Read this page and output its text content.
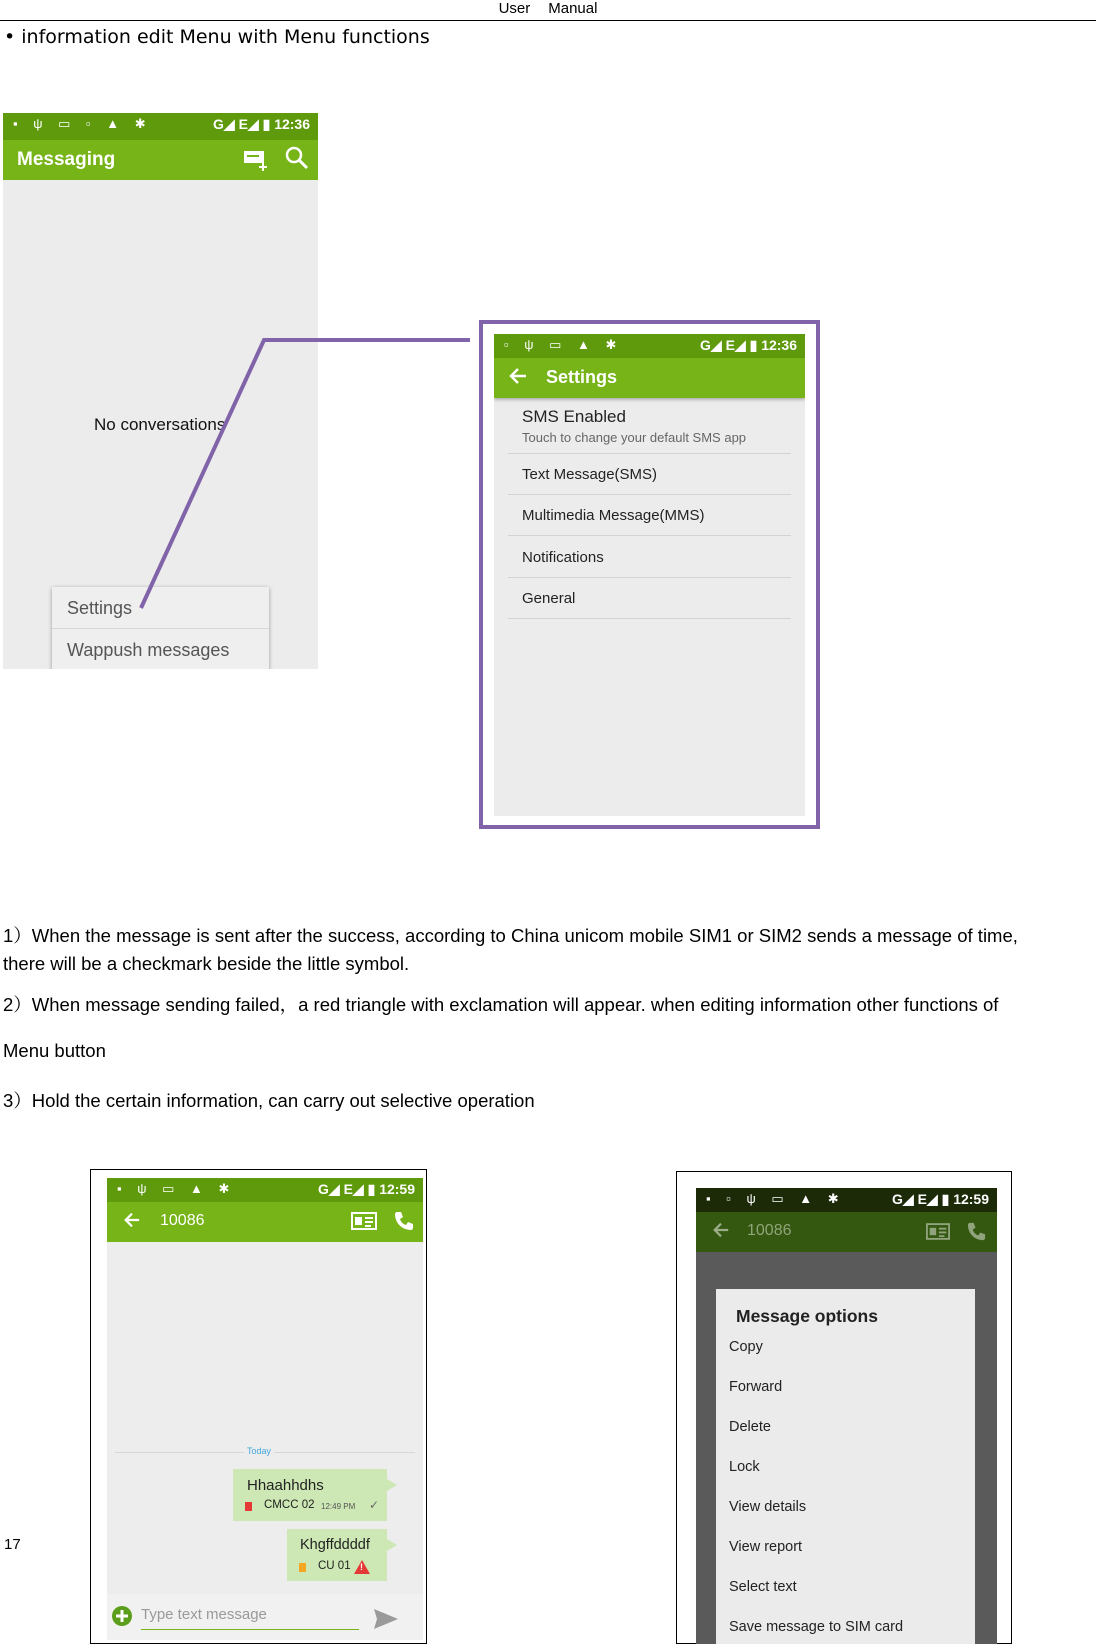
User Manual
• information edit Menu with Menu functions
▪ ψ ▭ ▫ ▲ ✱	G◢ E◢ ▮ 12:36
Messaging
No conversations
Settings
Wappush messages
▫ ψ ▭ ▲ ✱	G◢ E◢ ▮ 12:36
Settings
SMS Enabled
Touch to change your default SMS app
Text Message(SMS)
Multimedia Message(MMS)
Notifications
General
1）When the message is sent after the success, according to China unicom mobile SIM1 or SIM2 sends a message of time,
there will be a checkmark beside the little symbol.
2）When message sending failed，a red triangle with exclamation will appear. when editing information other functions of
Menu button
3）Hold the certain information, can carry out selective operation
17
▪ ψ ▭ ▲ ✱	G◢ E◢ ▮ 12:59
10086
Today
Hhaahhdhs
CMCC 02 12:49 PM ✓
Khgffddddf
CU 01 !
Type text message
▪ ▫ ψ ▭ ▲ ✱	G◢ E◢ ▮ 12:59
10086
Message options
Copy
Forward
Delete
Lock
View details
View report
Select text
Save message to SIM card
